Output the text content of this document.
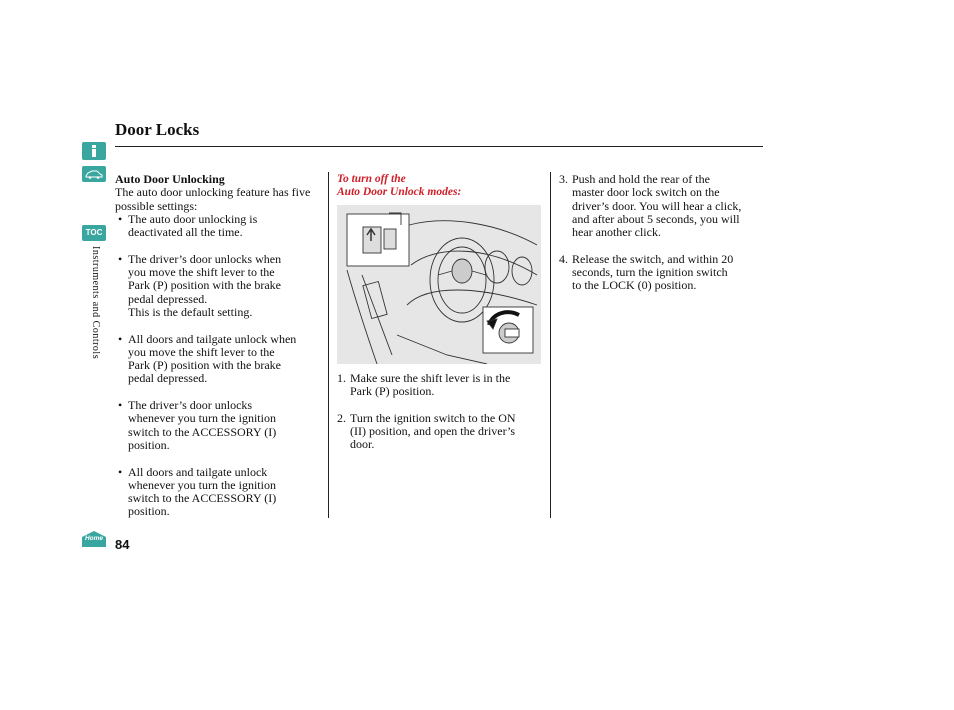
TOC
Instruments and Controls
Home 84
Door Locks

Auto Door Unlocking

The auto door unlocking feature has five possible settings:

• The auto door unlocking is

deactivated all the time.

• The driver’s door unlocks when

you move the shift lever to the

Park (P) position with the brake

pedal depressed.

This is the default setting.

• All doors and tailgate unlock when

you move the shift lever to the

Park (P) position with the brake

pedal depressed.

• The driver’s door unlocks

whenever you turn the ignition

switch to the ACCESSORY (I)

position.

• All doors and tailgate unlock

whenever you turn the ignition

switch to the ACCESSORY (I)

position.

To turn off the

Auto Door Unlock modes:

1. Make sure the shift lever is in the

Park (P) position.

2. Turn the ignition switch to the ON

(II) position, and open the driver’s

door.

3. Push and hold the rear of the

master door lock switch on the

driver’s door. You will hear a click,

and after about 5 seconds, you will

hear another click.

4. Release the switch, and within 20

seconds, turn the ignition switch

to the LOCK (0) position.
